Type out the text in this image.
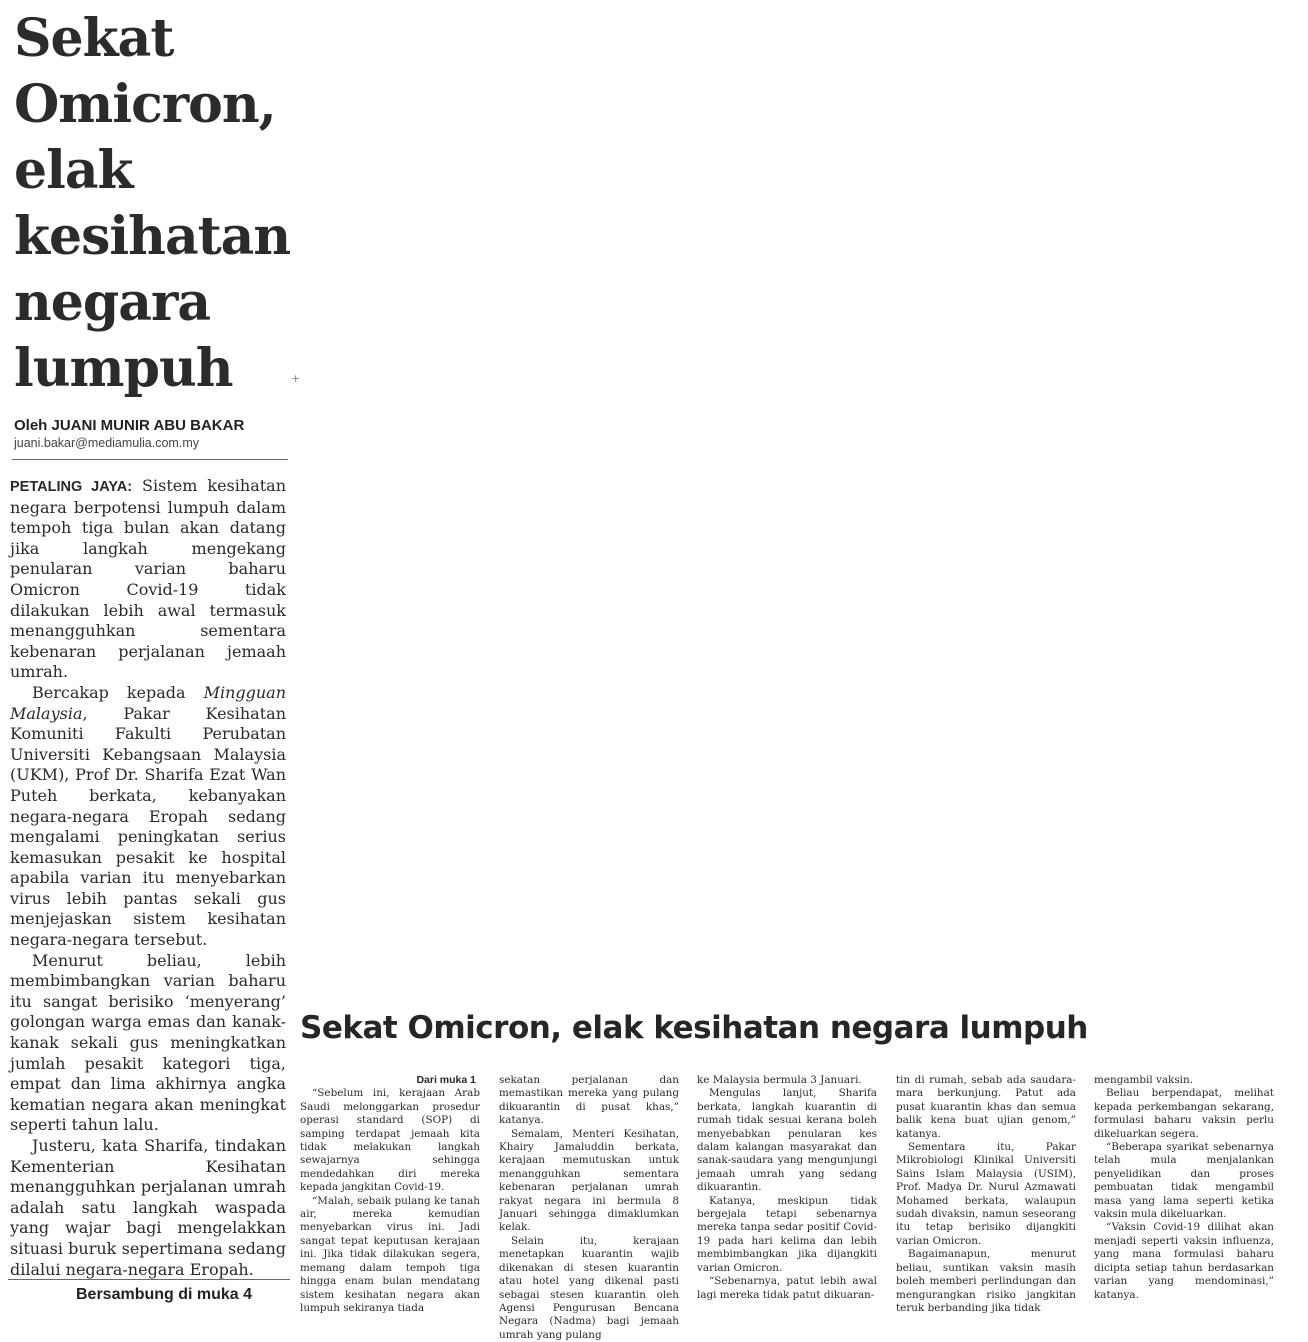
Sekat
Omicron,
elak
kesihatan
negara
lumpuh	+
Oleh JUANI MUNIR ABU BAKAR
juani.bakar@mediamulia.com.my

PETALING JAYA: Sistem kesihatan negara berpotensi lumpuh dalam tempoh tiga bulan akan datang jika langkah mengekang penularan varian baharu Omicron Covid-19 tidak dilakukan lebih awal termasuk menangguhkan sementara kebenaran perjalanan jemaah umrah.

Bercakap kepada Mingguan Malaysia, Pakar Kesihatan Komuniti Fakulti Perubatan Universiti Kebangsaan Malaysia (UKM), Prof Dr. Sharifa Ezat Wan Puteh berkata, kebanyakan negara-negara Eropah sedang mengalami peningkatan serius kemasukan pesakit ke hospital apabila varian itu menyebarkan virus lebih pantas sekali gus menjejaskan sistem kesihatan negara-negara tersebut.

Menurut beliau, lebih membimbangkan varian baharu itu sangat berisiko ‘menyerang’ golongan warga emas dan kanak-kanak sekali gus meningkatkan jumlah pesakit kategori tiga, empat dan lima akhirnya angka kematian negara akan meningkat seperti tahun lalu.

Justeru, kata Sharifa, tindakan Kementerian Kesihatan menangguhkan perjalanan umrah adalah satu langkah waspada yang wajar bagi mengelakkan situasi buruk sepertimana sedang dilalui negara-negara Eropah.

Bersambung di muka 4
Sekat Omicron, elak kesihatan negara lumpuh

Dari muka 1

“Sebelum ini, kerajaan Arab Saudi melonggarkan prosedur operasi standard (SOP) di samping terdapat jemaah kita tidak melakukan langkah sewajarnya sehingga mendedahkan diri mereka kepada jangkitan Covid-19.

“Malah, sebaik pulang ke tanah air, mereka kemudian menyebarkan virus ini. Jadi sangat tepat keputusan kerajaan ini. Jika tidak dilakukan segera, memang dalam tempoh tiga hingga enam bulan mendatang sistem kesihatan negara akan lumpuh sekiranya tiada

sekatan perjalanan dan memastikan mereka yang pulang dikuarantin di pusat khas,” katanya.

Semalam, Menteri Kesihatan, Khairy Jamaluddin berkata, kerajaan memutuskan untuk menangguhkan sementara kebenaran perjalanan umrah rakyat negara ini bermula 8 Januari sehingga dimaklumkan kelak.

Selain itu, kerajaan menetapkan kuarantin wajib dikenakan di stesen kuarantin atau hotel yang dikenal pasti sebagai stesen kuarantin oleh Agensi Pengurusan Bencana Negara (Nadma) bagi jemaah umrah yang pulang

ke Malaysia bermula 3 Januari.

Mengulas lanjut, Sharifa berkata, langkah kuarantin di rumah tidak sesuai kerana boleh menyebabkan penularan kes dalam kalangan masyarakat dan sanak-saudara yang mengunjungi jemaah umrah yang sedang dikuarantin.

Katanya, meskipun tidak bergejala tetapi sebenarnya mereka tanpa sedar positif Covid-19 pada hari kelima dan lebih membimbangkan jika dijangkiti varian Omicron.

“Sebenarnya, patut lebih awal lagi mereka tidak patut dikuaran-

tin di rumah, sebab ada saudara-mara berkunjung. Patut ada pusat kuarantin khas dan semua balik kena buat ujian genom,” katanya.

Sementara itu, Pakar Mikrobiologi Klinikal Universiti Sains Islam Malaysia (USIM), Prof. Madya Dr. Nurul Azmawati Mohamed berkata, walaupun sudah divaksin, namun seseorang itu tetap berisiko dijangkiti varian Omicron.

Bagaimanapun, menurut beliau, suntikan vaksin masih boleh memberi perlindungan dan mengurangkan risiko jangkitan teruk berbanding jika tidak

mengambil vaksin.

Beliau berpendapat, melihat kepada perkembangan sekarang, formulasi baharu vaksin perlu dikeluarkan segera.

“Beberapa syarikat sebenarnya telah mula menjalankan penyelidikan dan proses pembuatan tidak mengambil masa yang lama seperti ketika vaksin mula dikeluarkan.

“Vaksin Covid-19 dilihat akan menjadi seperti vaksin influenza, yang mana formulasi baharu dicipta setiap tahun berdasarkan varian yang mendominasi,” katanya.
